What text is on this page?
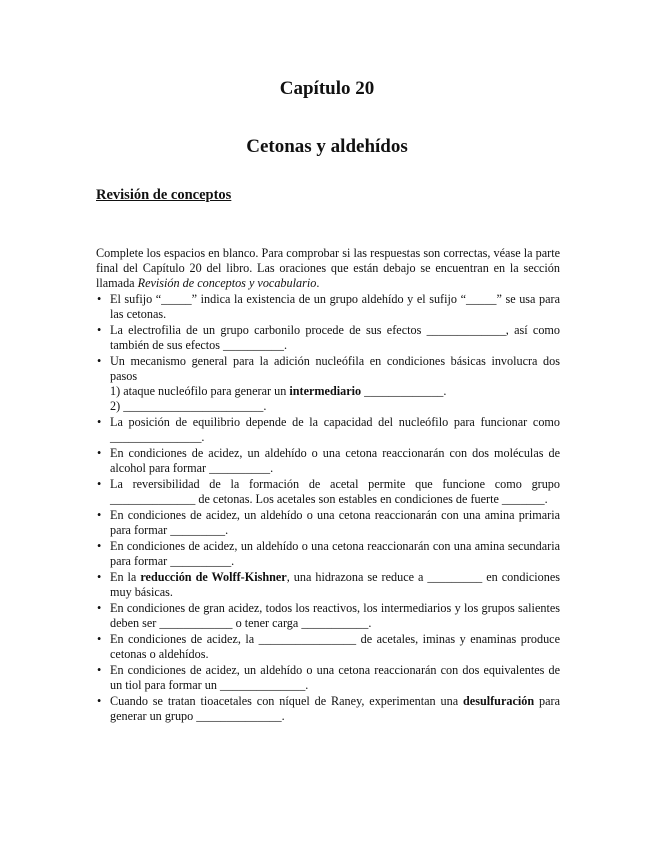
Capítulo 20
Cetonas y aldehídos
Revisión de conceptos

Complete los espacios en blanco. Para comprobar si las respuestas son correctas, véase la parte final del Capítulo 20 del libro. Las oraciones que están debajo se encuentran en la sección llamada Revisión de conceptos y vocabulario.

• El sufijo “_____” indica la existencia de un grupo aldehído y el sufijo “_____” se usa para las cetonas.
• La electrofilia de un grupo carbonilo procede de sus efectos _____________, así como también de sus efectos __________.
• Un mecanismo general para la adición nucleófila en condiciones básicas involucra dos pasos
1) ataque nucleófilo para generar un intermediario _____________.
2) _______________________.
• La posición de equilibrio depende de la capacidad del nucleófilo para funcionar como _______________.
• En condiciones de acidez, un aldehído o una cetona reaccionarán con dos moléculas de alcohol para formar __________.
• La reversibilidad de la formación de acetal permite que funcione como grupo ______________ de cetonas. Los acetales son estables en condiciones de fuerte _______.
• En condiciones de acidez, un aldehído o una cetona reaccionarán con una amina primaria para formar _________.
• En condiciones de acidez, un aldehído o una cetona reaccionarán con una amina secundaria para formar __________.
• En la reducción de Wolff-Kishner, una hidrazona se reduce a _________ en condiciones muy básicas.
• En condiciones de gran acidez, todos los reactivos, los intermediarios y los grupos salientes deben ser ____________ o tener carga ___________.
• En condiciones de acidez, la ________________ de acetales, iminas y enaminas produce cetonas o aldehídos.
• En condiciones de acidez, un aldehído o una cetona reaccionarán con dos equivalentes de un tiol para formar un ______________.
• Cuando se tratan tioacetales con níquel de Raney, experimentan una desulfuración para generar un grupo ______________.
